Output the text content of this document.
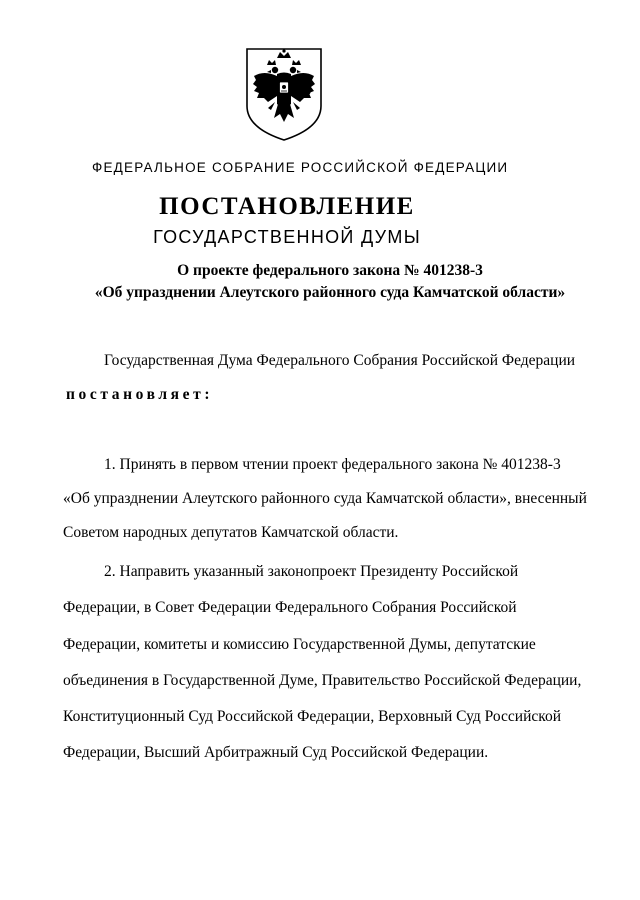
ФЕДЕРАЛЬНОЕ СОБРАНИЕ РОССИЙСКОЙ ФЕДЕРАЦИИ
ПОСТАНОВЛЕНИЕ
ГОСУДАРСТВЕННОЙ ДУМЫ
О проекте федерального закона № 401238-3
«Об упразднении Алеутского районного суда Камчатской области»
Государственная Дума Федерального Собрания Российской Федерации
постановляет:
1. Принять в первом чтении проект федерального закона № 401238-3
«Об упразднении Алеутского районного суда Камчатской области», внесенный
Советом народных депутатов Камчатской области.
2. Направить указанный законопроект Президенту Российской
Федерации, в Совет Федерации Федерального Собрания Российской
Федерации, комитеты и комиссию Государственной Думы, депутатские
объединения в Государственной Думе, Правительство Российской Федерации,
Конституционный Суд Российской Федерации, Верховный Суд Российской
Федерации, Высший Арбитражный Суд Российской Федерации.
